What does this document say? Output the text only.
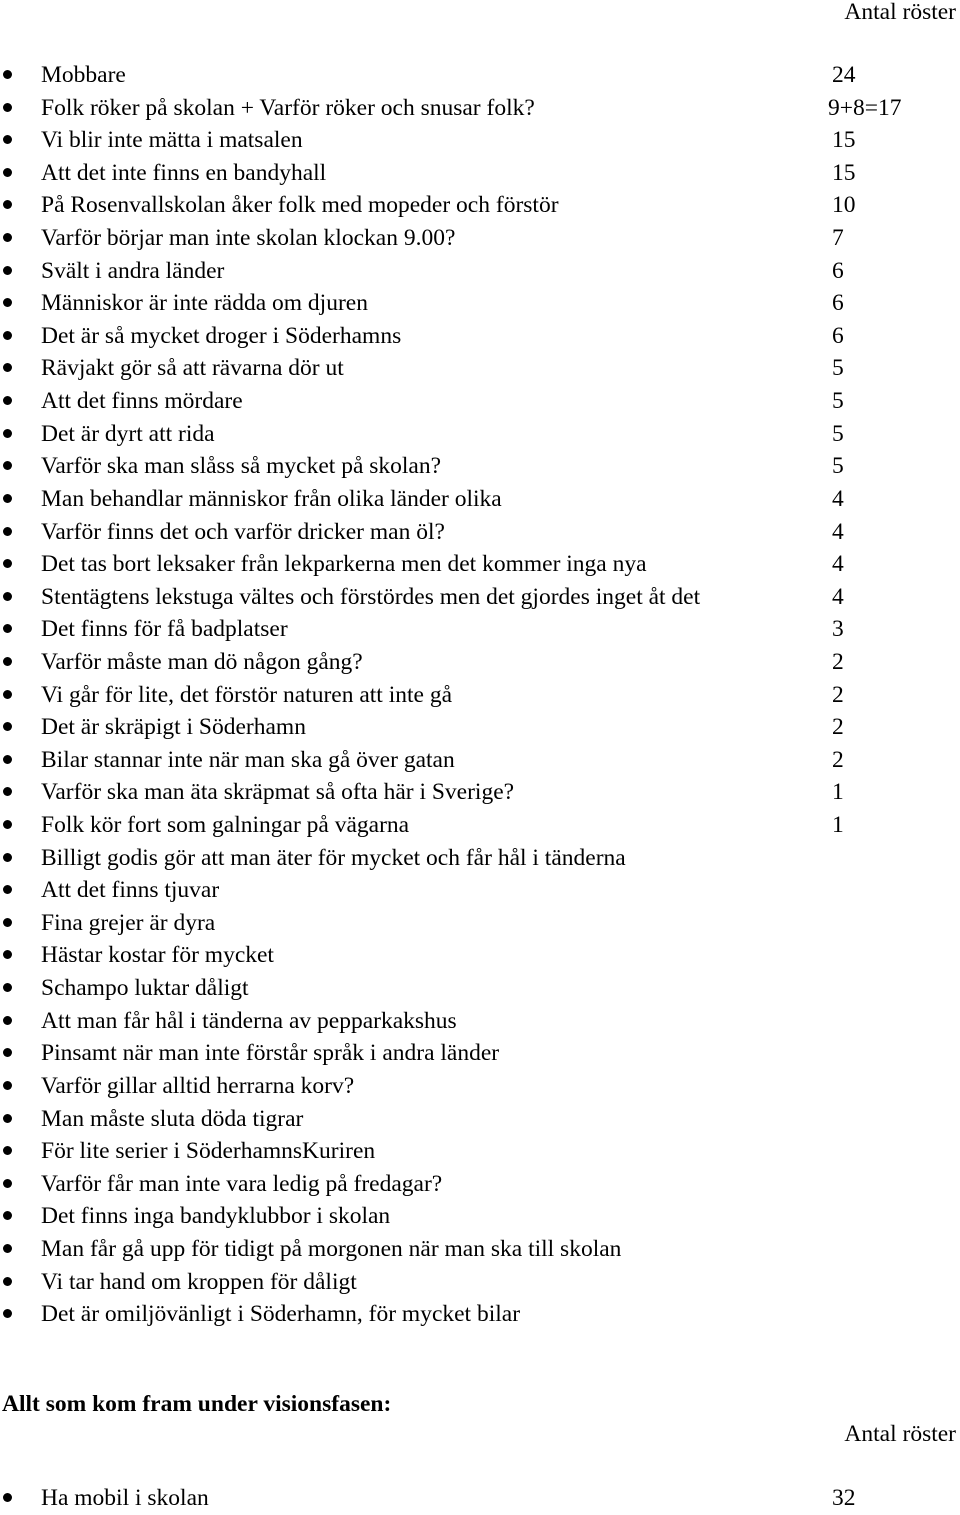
Antal röster
Mobbare	24
Folk röker på skolan + Varför röker och snusar folk?	9+8=17
Vi blir inte mätta i matsalen	15
Att det inte finns en bandyhall	15
På Rosenvallskolan åker folk med mopeder och förstör	10
Varför börjar man inte skolan klockan 9.00?	7
Svält i andra länder	6
Människor är inte rädda om djuren	6
Det är så mycket droger i Söderhamns	6
Rävjakt gör så att rävarna dör ut	5
Att det finns mördare	5
Det är dyrt att rida	5
Varför ska man slåss så mycket på skolan?	5
Man behandlar människor från olika länder olika	4
Varför finns det och varför dricker man öl?	4
Det tas bort leksaker från lekparkerna men det kommer inga nya	4
Stentägtens lekstuga vältes och förstördes men det gjordes inget åt det	4
Det finns för få badplatser	3
Varför måste man dö någon gång?	2
Vi går för lite, det förstör naturen att inte gå	2
Det är skräpigt i Söderhamn	2
Bilar stannar inte när man ska gå över gatan	2
Varför ska man äta skräpmat så ofta här i Sverige?	1
Folk kör fort som galningar på vägarna	1
Billigt godis gör att man äter för mycket och får hål i tänderna
Att det finns tjuvar
Fina grejer är dyra
Hästar kostar för mycket
Schampo luktar dåligt
Att man får hål i tänderna av pepparkakshus
Pinsamt när man inte förstår språk i andra länder
Varför gillar alltid herrarna korv?
Man måste sluta döda tigrar
För lite serier i SöderhamnsKuriren
Varför får man inte vara ledig på fredagar?
Det finns inga bandyklubbor i skolan
Man får gå upp för tidigt på morgonen när man ska till skolan
Vi tar hand om kroppen för dåligt
Det är omiljövänligt i Söderhamn, för mycket bilar
Allt som kom fram under visionsfasen:
Antal röster
Ha mobil i skolan	32
